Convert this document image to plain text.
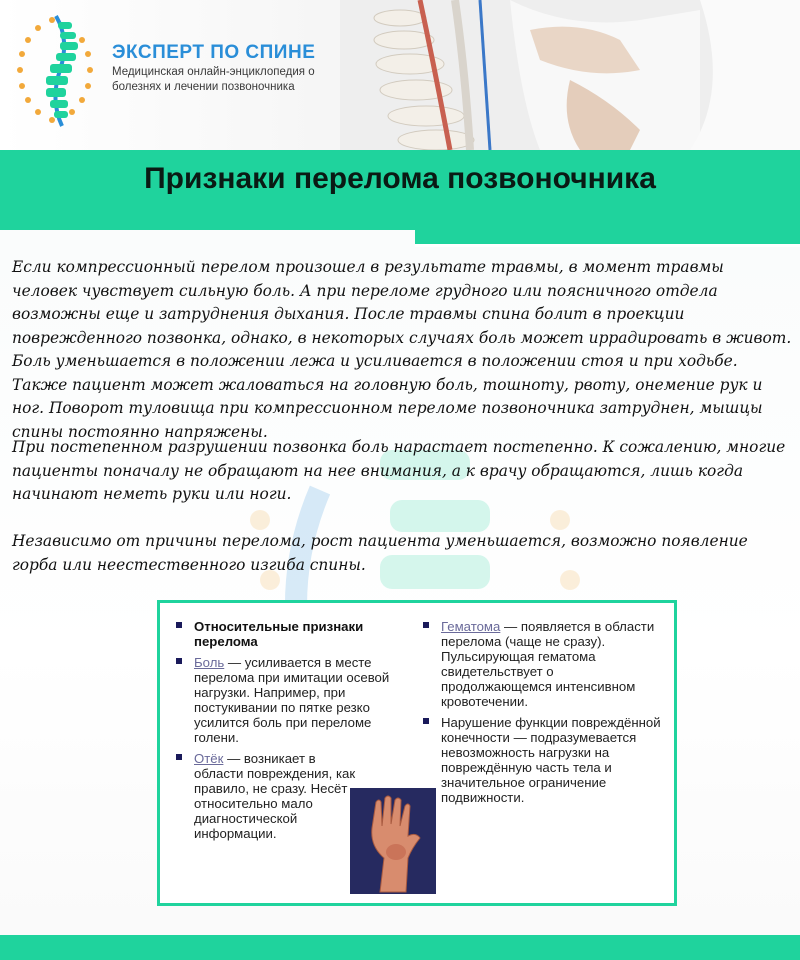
ЭКСПЕРТ ПО СПИНЕ
Медицинская онлайн-энциклопедия о болезнях и лечении позвоночника
Признаки перелома позвоночника

Если компрессионный перелом произошел в результате травмы, в момент травмы человек чувствует сильную боль. А при переломе грудного или поясничного отдела возможны еще и затруднения дыхания. После травмы спина болит в проекции поврежденного позвонка, однако, в некоторых случаях боль может иррадировать в живот. Боль уменьшается в положении лежа и усиливается в положении стоя и при ходьбе. Также пациент может жаловаться на головную боль, тошноту, рвоту, онемение рук и ног. Поворот туловища при компрессионном переломе позвоночника затруднен, мышцы спины постоянно напряжены.

При постепенном разрушении позвонка боль нарастает постепенно. К сожалению, многие пациенты поначалу не обращают на нее внимания, а к врачу обращаются, лишь когда начинают неметь руки или ноги.

Независимо от причины перелома, рост пациента уменьшается, возможно появление горба или неестественного изгиба спины.

Относительные признаки перелома
Боль — усиливается в месте перелома при имитации осевой нагрузки. Например, при постукивании по пятке резко усилится боль при переломе голени.
Отёк — возникает в области повреждения, как правило, не сразу. Несёт относительно мало диагностической информации.
Гематома — появляется в области перелома (чаще не сразу). Пульсирующая гематома свидетельствует о продолжающемся интенсивном кровотечении.
Нарушение функции повреждённой конечности — подразумевается невозможность нагрузки на повреждённую часть тела и значительное ограничение подвижности.
